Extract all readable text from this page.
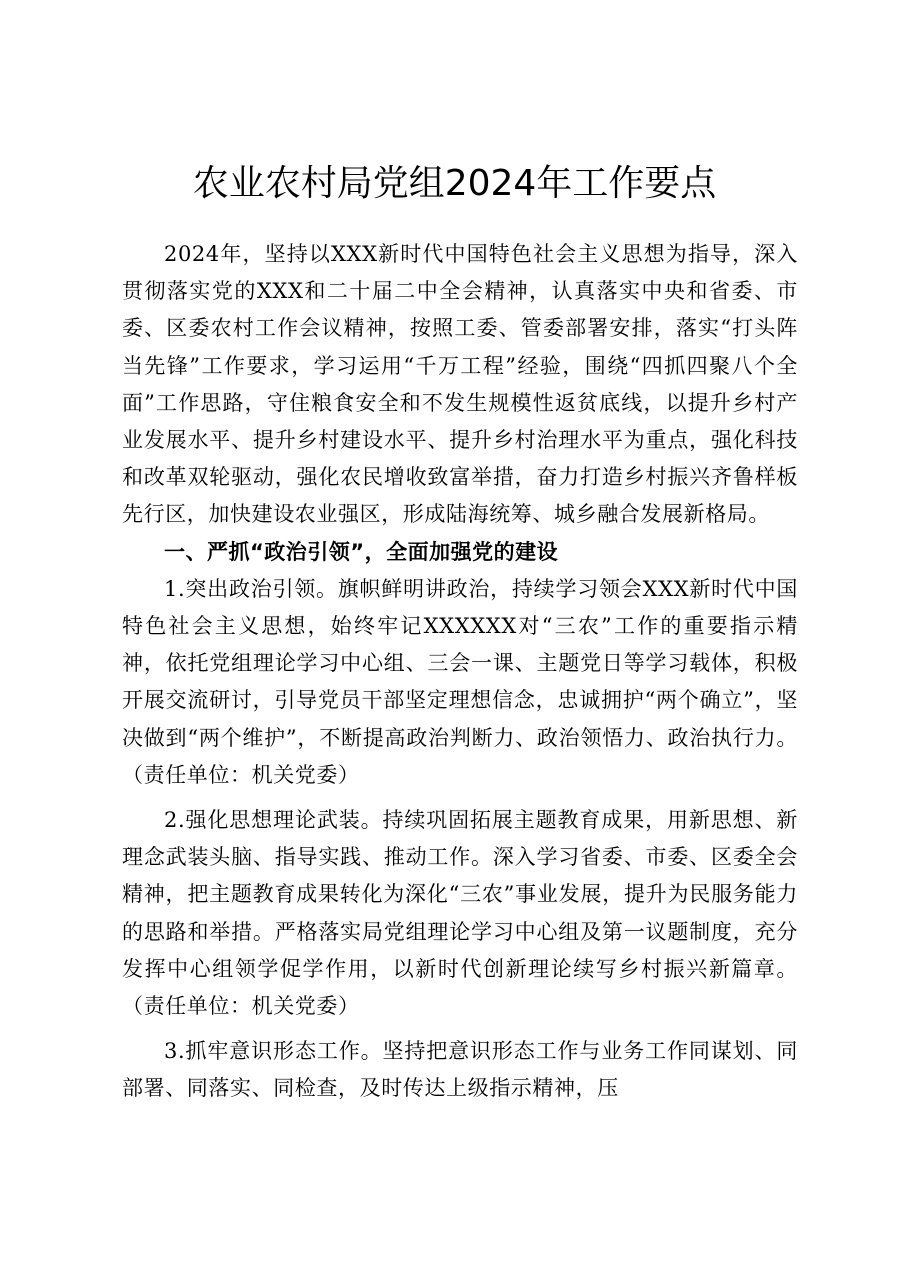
农业农村局党组2024年工作要点

2024年，坚持以XXX新时代中国特色社会主义思想为指导，深入贯彻落实党的XXX和二十届二中全会精神，认真落实中央和省委、市委、区委农村工作会议精神，按照工委、管委部署安排，落实“打头阵当先锋”工作要求，学习运用“千万工程”经验，围绕“四抓四聚八个全面”工作思路，守住粮食安全和不发生规模性返贫底线，以提升乡村产业发展水平、提升乡村建设水平、提升乡村治理水平为重点，强化科技和改革双轮驱动，强化农民增收致富举措，奋力打造乡村振兴齐鲁样板先行区，加快建设农业强区，形成陆海统筹、城乡融合发展新格局。

一、严抓“政治引领”，全面加强党的建设

1.突出政治引领。旗帜鲜明讲政治，持续学习领会XXX新时代中国特色社会主义思想，始终牢记XXXXXX对“三农”工作的重要指示精神，依托党组理论学习中心组、三会一课、主题党日等学习载体，积极开展交流研讨，引导党员干部坚定理想信念，忠诚拥护“两个确立”，坚决做到“两个维护”，不断提高政治判断力、政治领悟力、政治执行力。（责任单位：机关党委）

2.强化思想理论武装。持续巩固拓展主题教育成果，用新思想、新理念武装头脑、指导实践、推动工作。深入学习省委、市委、区委全会精神，把主题教育成果转化为深化“三农”事业发展，提升为民服务能力的思路和举措。严格落实局党组理论学习中心组及第一议题制度，充分发挥中心组领学促学作用，以新时代创新理论续写乡村振兴新篇章。（责任单位：机关党委）

3.抓牢意识形态工作。坚持把意识形态工作与业务工作同谋划、同部署、同落实、同检查，及时传达上级指示精神，压
